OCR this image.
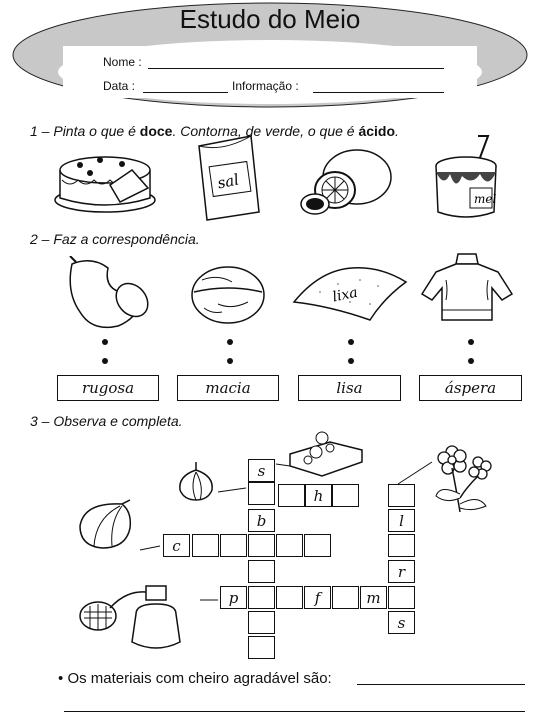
Estudo do Meio
Nome :
Data :	Informação :
1 – Pinta o que é doce. Contorna, de verde, o que é ácido.
sal
mel
2 – Faz a correspondência.
lixa
rugosa	macia	lisa	áspera
3 – Observa e completa.
s
h
b	l
c
r
p	f	m
s
• Os materiais com cheiro agradável são:
